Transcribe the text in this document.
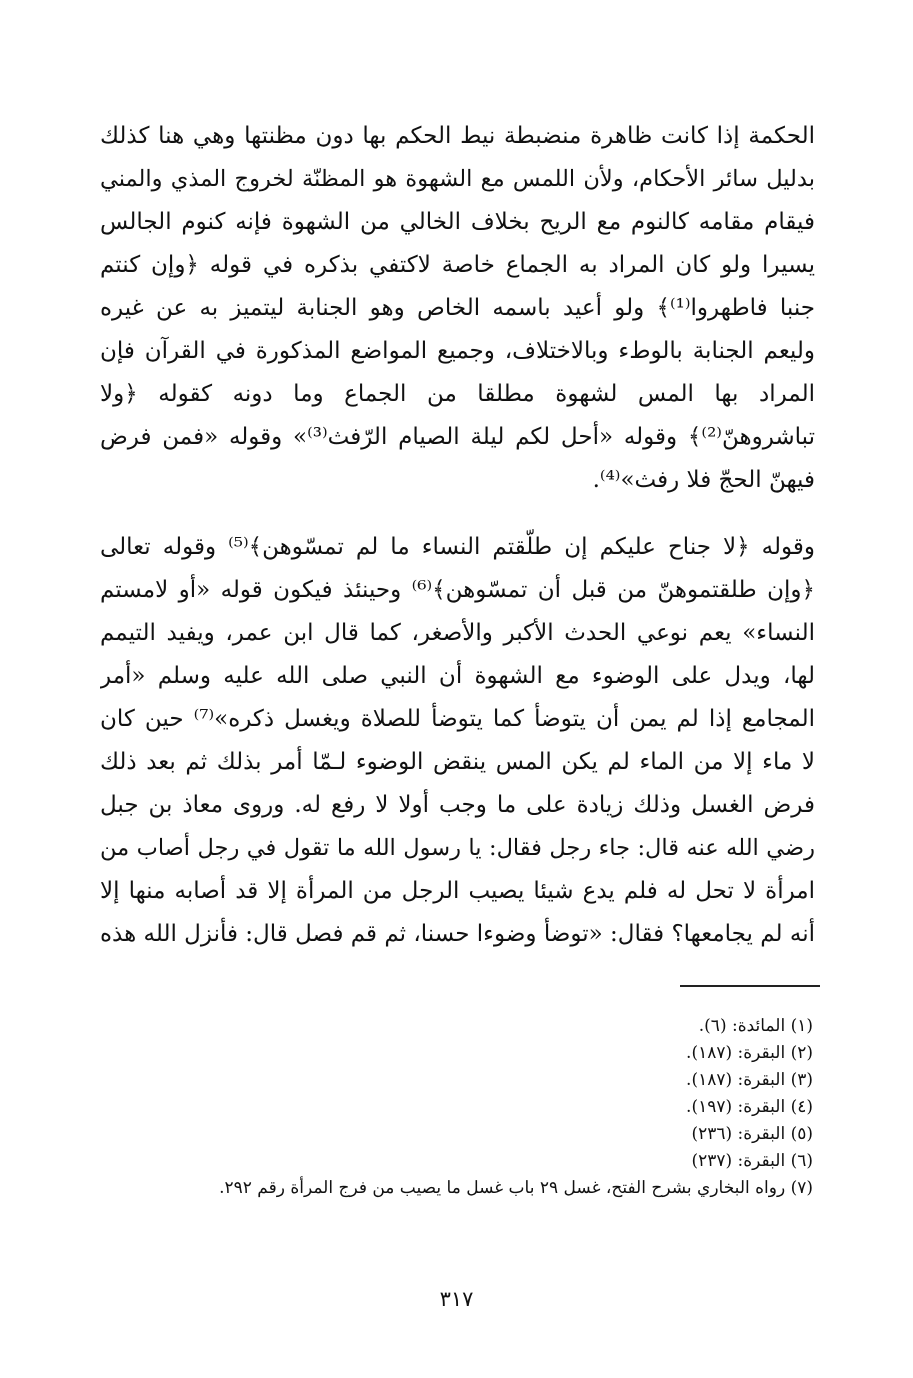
الحكمة إذا كانت ظاهرة منضبطة نيط الحكم بها دون مظنتها وهي هنا كذلك
بدليل سائر الأحكام، ولأن اللمس مع الشهوة هو المظنّة لخروج المذي والمني
فيقام مقامه كالنوم مع الريح بخلاف الخالي من الشهوة فإنه كنوم الجالس
يسيرا ولو كان المراد به الجماع خاصة لاكتفي بذكره في قوله ﴿وإن كنتم
جنبا فاطهروا⁽¹⁾﴾ ولو أعيد باسمه الخاص وهو الجنابة ليتميز به عن غيره
وليعم الجنابة بالوطء وبالاختلاف، وجميع المواضع المذكورة في القرآن فإن
المراد بها المس لشهوة مطلقا من الجماع وما دونه كقوله ﴿ولا
تباشروهنّ⁽²⁾﴾ وقوله «أحل لكم ليلة الصيام الرّفث⁽³⁾» وقوله «فمن فرض
فيهنّ الحجّ فلا رفث»⁽⁴⁾.
وقوله ﴿لا جناح عليكم إن طلّقتم النساء ما لم تمسّوهن﴾⁽⁵⁾ وقوله تعالى
﴿وإن طلقتموهنّ من قبل أن تمسّوهن﴾⁽⁶⁾ وحينئذ فيكون قوله «أو لامستم
النساء» يعم نوعي الحدث الأكبر والأصغر، كما قال ابن عمر، ويفيد التيمم
لها، ويدل على الوضوء مع الشهوة أن النبي صلى الله عليه وسلم «أمر
المجامع إذا لم يمن أن يتوضأ كما يتوضأ للصلاة ويغسل ذكره»⁽⁷⁾ حين كان
لا ماء إلا من الماء لم يكن المس ينقض الوضوء لـمّا أمر بذلك ثم بعد ذلك
فرض الغسل وذلك زيادة على ما وجب أولا لا رفع له. وروى معاذ بن جبل
رضي الله عنه قال: جاء رجل فقال: يا رسول الله ما تقول في رجل أصاب من
امرأة لا تحل له فلم يدع شيئا يصيب الرجل من المرأة إلا قد أصابه منها إلا
أنه لم يجامعها؟ فقال: «توضأ وضوءا حسنا، ثم قم فصل قال: فأنزل الله هذه
(١) المائدة: (٦).
(٢) البقرة: (١٨٧).
(٣) البقرة: (١٨٧).
(٤) البقرة: (١٩٧).
(٥) البقرة: (٢٣٦)
(٦) البقرة: (٢٣٧)
(٧) رواه البخاري بشرح الفتح، غسل ٢٩ باب غسل ما يصيب من فرج المرأة رقم ٢٩٢.
٣١٧
